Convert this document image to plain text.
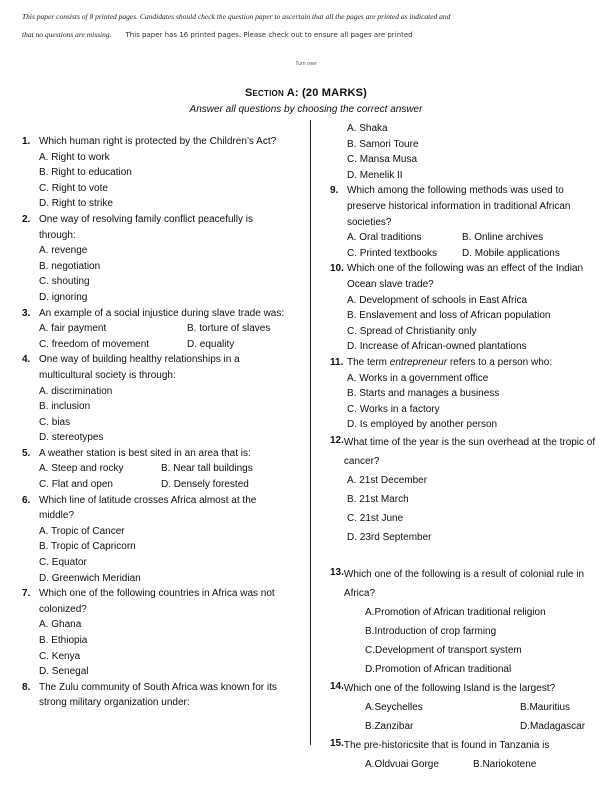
This paper consists of 8 printed pages. Candidates should check the question paper to ascertain that all the pages are printed as indicated and
that no questions are missing. This paper has 16 printed pages. Please check out to ensure all pages are printed
Turn over
Section A: (20 MARKS)
Answer all questions by choosing the correct answer
1. Which human right is protected by the Children’s Act?
A. Right to work
B. Right to education
C. Right to vote
D. Right to strike
2. One way of resolving family conflict peacefully is through:
A. revenge
B. negotiation
C. shouting
D. ignoring
3. An example of a social injustice during slave trade was:
A. fair payment	B. torture of slaves
C. freedom of movement	D. equality
4. One way of building healthy relationships in a multicultural society is through:
A. discrimination
B. inclusion
C. bias
D. stereotypes
5. A weather station is best sited in an area that is:
A. Steep and rocky	B. Near tall buildings
C. Flat and open	D. Densely forested
6. Which line of latitude crosses Africa almost at the middle?
A. Tropic of Cancer
B. Tropic of Capricorn
C. Equator
D. Greenwich Meridian
7. Which one of the following countries in Africa was not colonized?
A. Ghana
B. Ethiopia
C. Kenya
D. Senegal
8. The Zulu community of South Africa was known for its strong military organization under:
A. Shaka
B. Samori Toure
C. Mansa Musa
D. Menelik II
9. Which among the following methods was used to preserve historical information in traditional African societies?
A. Oral traditions	B. Online archives
C. Printed textbooks	D. Mobile applications
10. Which one of the following was an effect of the Indian Ocean slave trade?
A. Development of schools in East Africa
B. Enslavement and loss of African population
C. Spread of Christianity only
D. Increase of African-owned plantations
11. The term entrepreneur refers to a person who:
A. Works in a government office
B. Starts and manages a business
C. Works in a factory
D. Is employed by another person
12. What time of the year is the sun overhead at the tropic of cancer?
A. 21st December
B. 21st March
C. 21st June
D. 23rd September
13. Which one of the following is a result of colonial rule in Africa?
A.Promotion of African traditional religion
B.Introduction of crop farming
C.Development of transport system
D.Promotion of African traditional
14. Which one of the following Island is the largest?
A.Seychelles	B.Mauritius
B.Zanzibar	D.Madagascar
15. The pre-historicsite that is found in Tanzania is
A.Oldvuai Gorge	B.Nariokotene
